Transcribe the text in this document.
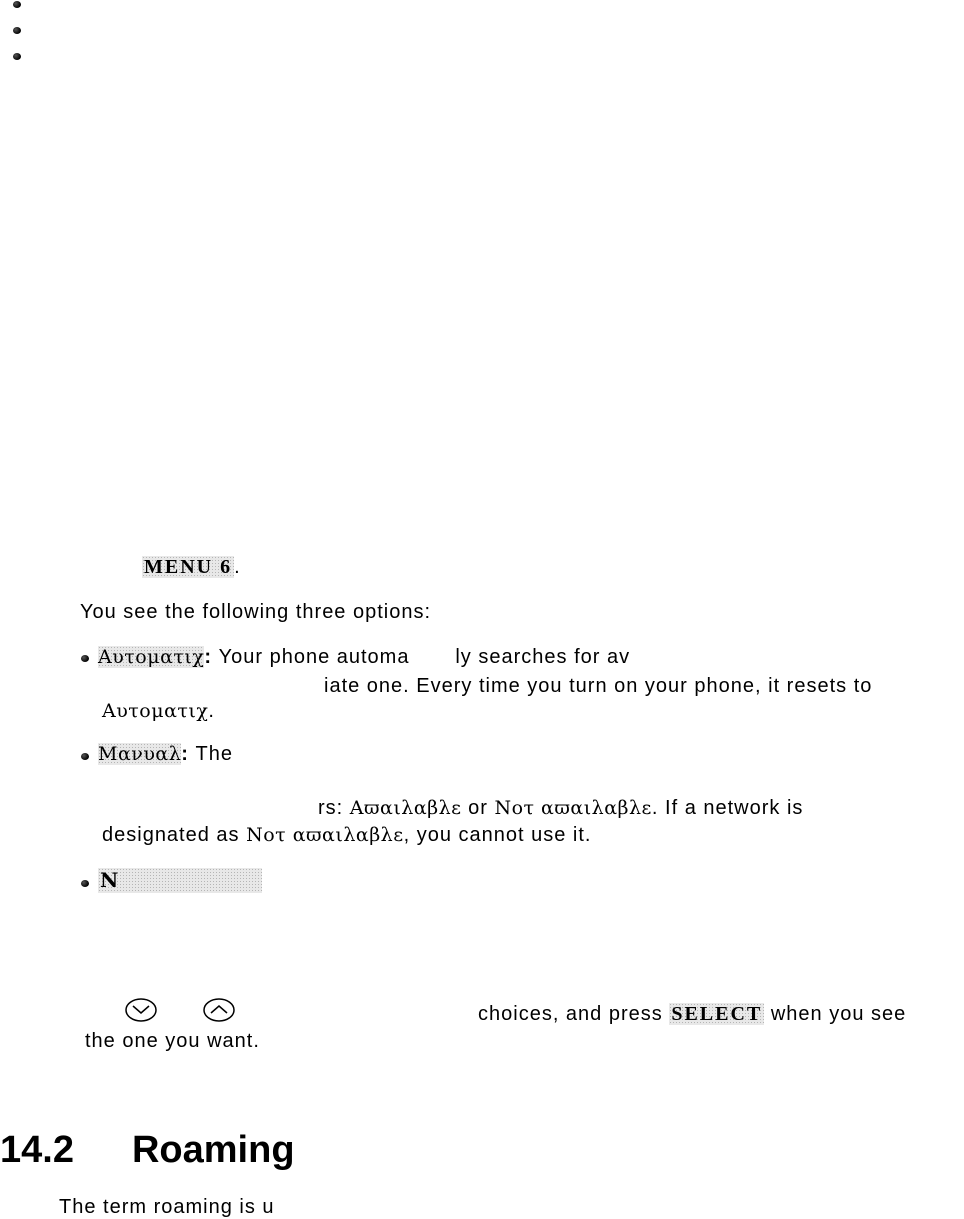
MENU 6 .
You see the following three options:
Αυτοματιχ: Your phone automa       ly searches for av
iate one. Every time you turn on your phone, it resets to
Αυτοματιχ.
Μανυαλ: The
rs: Αϖαιλαβλε or Νοτ αϖαιλαβλε. If a network is
designated as Νοτ αϖαιλαβλε, you cannot use it.
N
choices, and press SELECT when you see
the one you want.
14.2 Roaming
The term roaming is u
